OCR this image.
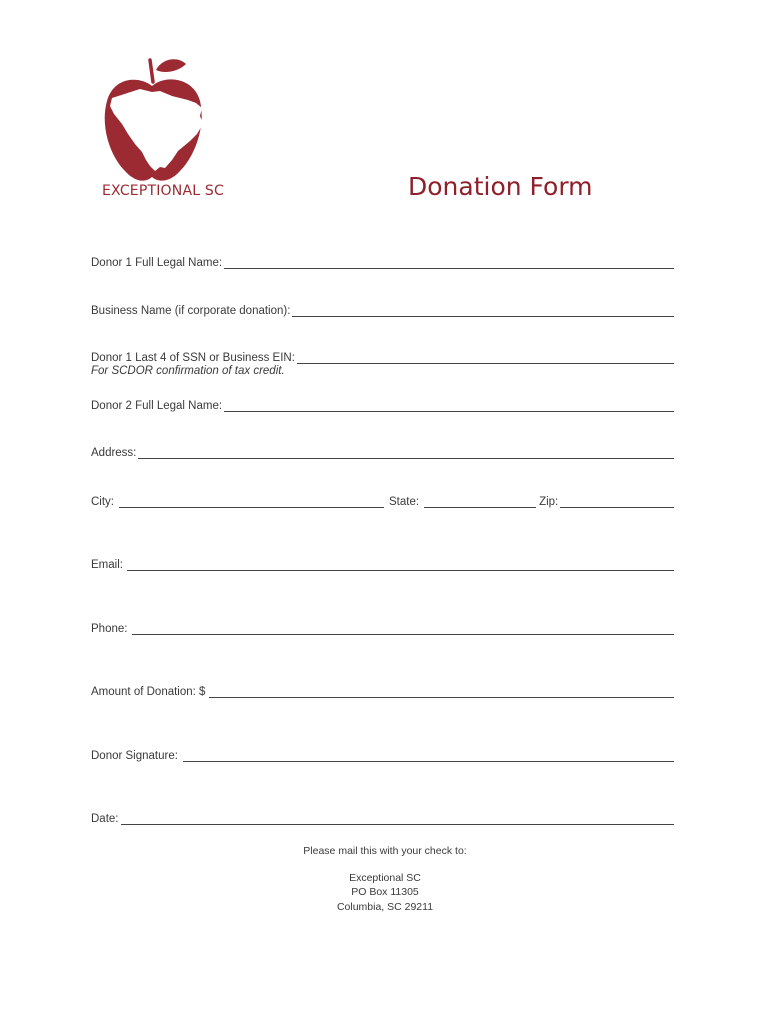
EXCEPTIONAL SC	Donation Form
Donor 1 Full Legal Name:
Business Name (if corporate donation):
Donor 1 Last 4 of SSN or Business EIN:
For SCDOR confirmation of tax credit.
Donor 2 Full Legal Name:
Address:
City:	State:	Zip:
Email:
Phone:
Amount of Donation: $
Donor Signature:
Date:
Please mail this with your check to:
Exceptional SC
PO Box 11305
Columbia, SC 29211
